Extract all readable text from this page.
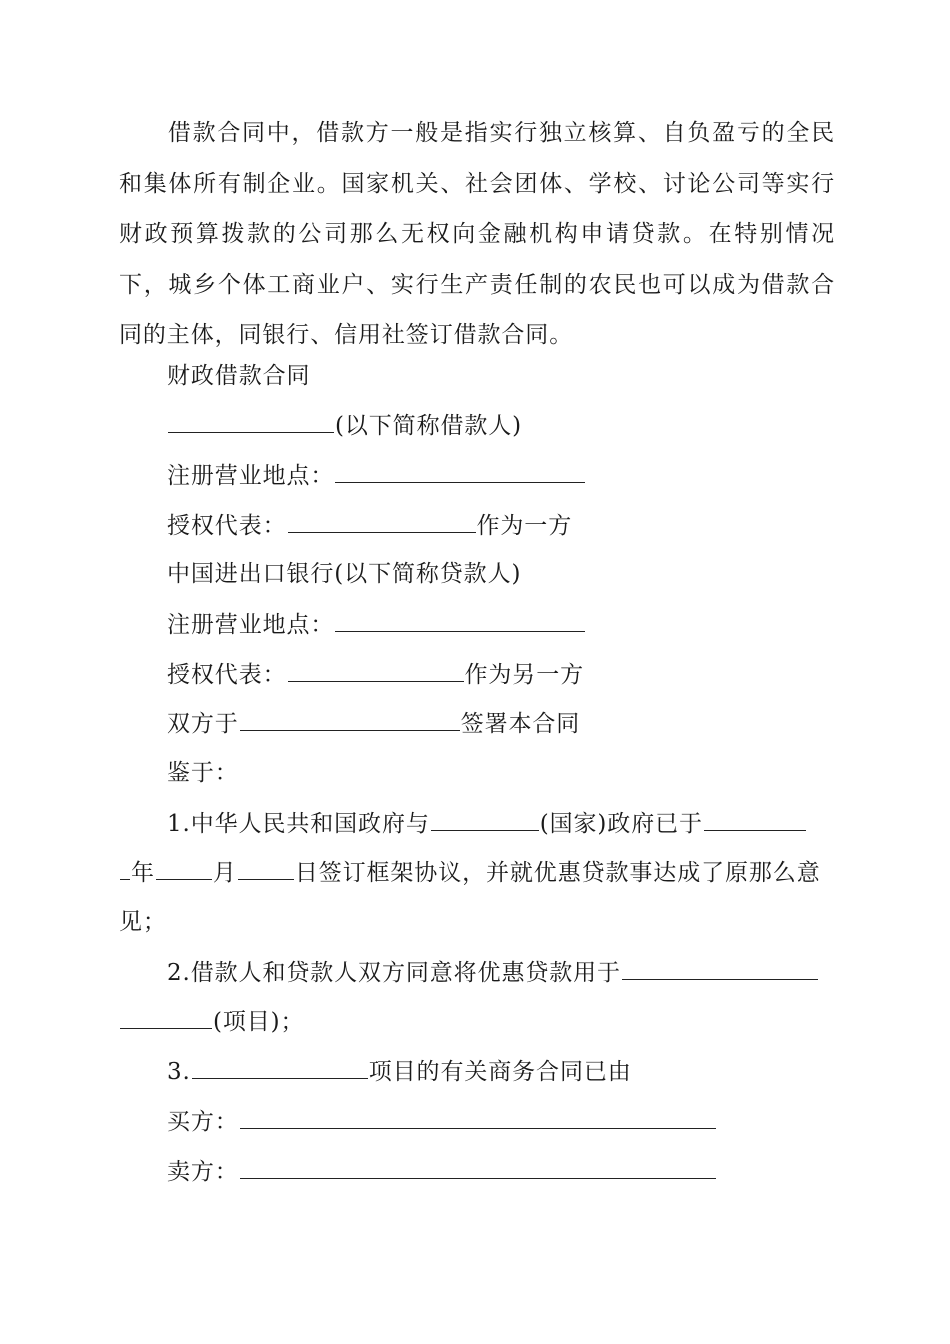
借款合同中，借款方一般是指实行独立核算、自负盈亏的全民和集体所有制企业。国家机关、社会团体、学校、讨论公司等实行财政预算拨款的公司那么无权向金融机构申请贷款。在特别情况下，城乡个体工商业户、实行生产责任制的农民也可以成为借款合同的主体，同银行、信用社签订借款合同。

财政借款合同
(以下简称借款人)
注册营业地点：
授权代表：	作为一方
中国进出口银行(以下简称贷款人)
注册营业地点：
授权代表：	作为另一方
双方于	签署本合同
鉴于：
1.中华人民共和国政府与	(国家)政府已于
年	月	日签订框架协议，并就优惠贷款事达成了原那么意
见；
2.借款人和贷款人双方同意将优惠贷款用于
(项目)；
3.	项目的有关商务合同已由
买方：
卖方：
